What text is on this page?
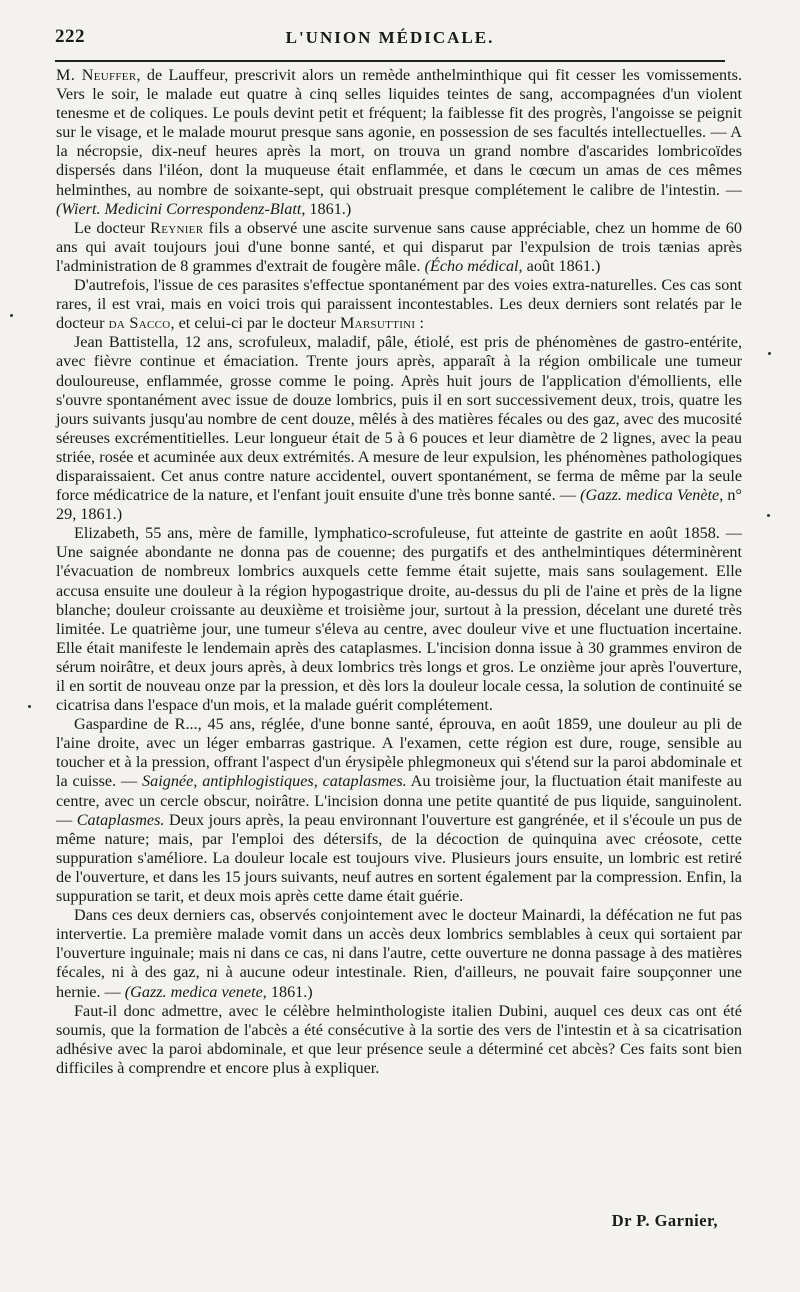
222	L'UNION MÉDICALE.

M. Neuffer, de Lauffeur, prescrivit alors un remède anthelminthique qui fit cesser les vomissements. Vers le soir, le malade eut quatre à cinq selles liquides teintes de sang, accompagnées d'un violent tenesme et de coliques. Le pouls devint petit et fréquent; la faiblesse fit des progrès, l'angoisse se peignit sur le visage, et le malade mourut presque sans agonie, en possession de ses facultés intellectuelles. — A la nécropsie, dix-neuf heures après la mort, on trouva un grand nombre d'ascarides lombricoïdes dispersés dans l'iléon, dont la muqueuse était enflammée, et dans le cœcum un amas de ces mêmes helminthes, au nombre de soixante-sept, qui obstruait presque complétement le calibre de l'intestin. — (Wiert. Medicini Correspondenz-Blatt, 1861.)

Le docteur Reynier fils a observé une ascite survenue sans cause appréciable, chez un homme de 60 ans qui avait toujours joui d'une bonne santé, et qui disparut par l'expulsion de trois tænias après l'administration de 8 grammes d'extrait de fougère mâle. (Écho médical, août 1861.)

D'autrefois, l'issue de ces parasites s'effectue spontanément par des voies extra-naturelles. Ces cas sont rares, il est vrai, mais en voici trois qui paraissent incontestables. Les deux derniers sont relatés par le docteur da Sacco, et celui-ci par le docteur Marsuttini :

Jean Battistella, 12 ans, scrofuleux, maladif, pâle, étiolé, est pris de phénomènes de gastro-entérite, avec fièvre continue et émaciation. Trente jours après, apparaît à la région ombilicale une tumeur douloureuse, enflammée, grosse comme le poing. Après huit jours de l'application d'émollients, elle s'ouvre spontanément avec issue de douze lombrics, puis il en sort successivement deux, trois, quatre les jours suivants jusqu'au nombre de cent douze, mêlés à des matières fécales ou des gaz, avec des mucosité séreuses excrémentitielles. Leur longueur était de 5 à 6 pouces et leur diamètre de 2 lignes, avec la peau striée, rosée et acuminée aux deux extrémités. A mesure de leur expulsion, les phénomènes pathologiques disparaissaient. Cet anus contre nature accidentel, ouvert spontanément, se ferma de même par la seule force médicatrice de la nature, et l'enfant jouit ensuite d'une très bonne santé. — (Gazz. medica Venète, n° 29, 1861.)

Elizabeth, 55 ans, mère de famille, lymphatico-scrofuleuse, fut atteinte de gastrite en août 1858. — Une saignée abondante ne donna pas de couenne; des purgatifs et des anthelmintiques déterminèrent l'évacuation de nombreux lombrics auxquels cette femme était sujette, mais sans soulagement. Elle accusa ensuite une douleur à la région hypogastrique droite, au-dessus du pli de l'aine et près de la ligne blanche; douleur croissante au deuxième et troisième jour, surtout à la pression, décelant une dureté très limitée. Le quatrième jour, une tumeur s'éleva au centre, avec douleur vive et une fluctuation incertaine. Elle était manifeste le lendemain après des cataplasmes. L'incision donna issue à 30 grammes environ de sérum noirâtre, et deux jours après, à deux lombrics très longs et gros. Le onzième jour après l'ouverture, il en sortit de nouveau onze par la pression, et dès lors la douleur locale cessa, la solution de continuité se cicatrisa dans l'espace d'un mois, et la malade guérit complétement.

Gaspardine de R..., 45 ans, réglée, d'une bonne santé, éprouva, en août 1859, une douleur au pli de l'aine droite, avec un léger embarras gastrique. A l'examen, cette région est dure, rouge, sensible au toucher et à la pression, offrant l'aspect d'un érysipèle phlegmoneux qui s'étend sur la paroi abdominale et la cuisse. — Saignée, antiphlogistiques, cataplasmes. Au troisième jour, la fluctuation était manifeste au centre, avec un cercle obscur, noirâtre. L'incision donna une petite quantité de pus liquide, sanguinolent. — Cataplasmes. Deux jours après, la peau environnant l'ouverture est gangrénée, et il s'écoule un pus de même nature; mais, par l'emploi des détersifs, de la décoction de quinquina avec créosote, cette suppuration s'améliore. La douleur locale est toujours vive. Plusieurs jours ensuite, un lombric est retiré de l'ouverture, et dans les 15 jours suivants, neuf autres en sortent également par la compression. Enfin, la suppuration se tarit, et deux mois après cette dame était guérie.

Dans ces deux derniers cas, observés conjointement avec le docteur Mainardi, la défécation ne fut pas intervertie. La première malade vomit dans un accès deux lombrics semblables à ceux qui sortaient par l'ouverture inguinale; mais ni dans ce cas, ni dans l'autre, cette ouverture ne donna passage à des matières fécales, ni à des gaz, ni à aucune odeur intestinale. Rien, d'ailleurs, ne pouvait faire soupçonner une hernie. — (Gazz. medica venete, 1861.)

Faut-il donc admettre, avec le célèbre helminthologiste italien Dubini, auquel ces deux cas ont été soumis, que la formation de l'abcès a été consécutive à la sortie des vers de l'intestin et à sa cicatrisation adhésive avec la paroi abdominale, et que leur présence seule a déterminé cet abcès? Ces faits sont bien difficiles à comprendre et encore plus à expliquer.

Dr P. Garnier,
